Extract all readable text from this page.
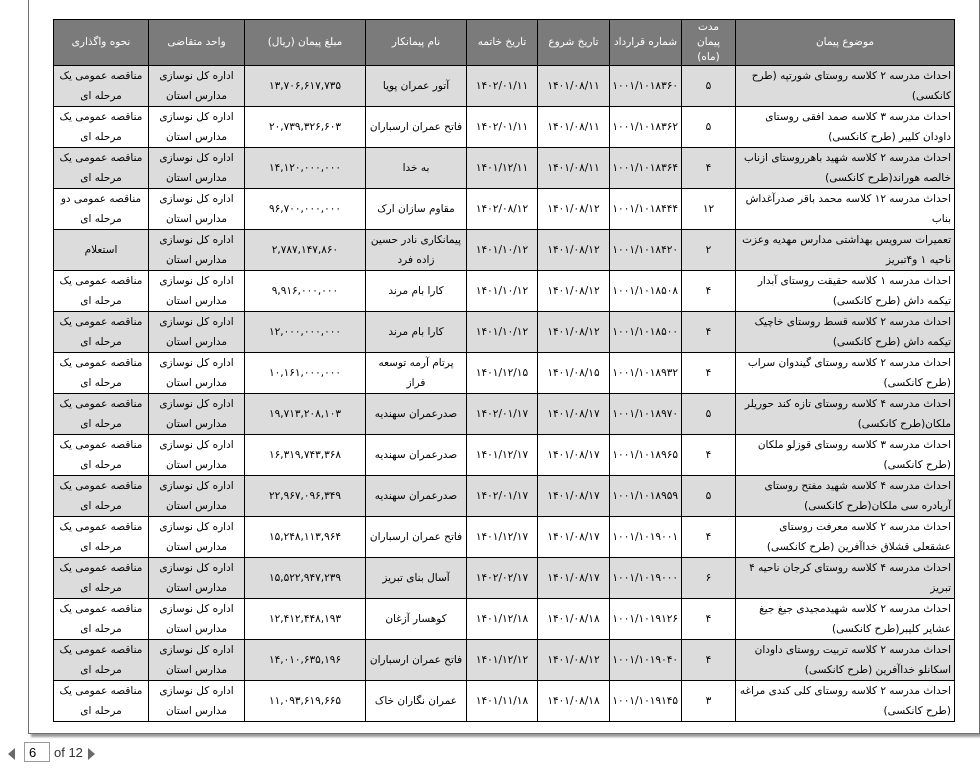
موضوع پیمان	مدت پیمان (ماه)	شماره قرارداد	تاریخ شروع	تاریخ خاتمه	نام پیمانکار	مبلغ پیمان (ریال)	واحد متقاضی	نحوه واگذاری
احداث مدرسه ۲ کلاسه روستای شورتپه (طرح کانکسی)	۵	۱۰۰۱/۱۰۱۸۳۶۰	۱۴۰۱/۰۸/۱۱	۱۴۰۲/۰۱/۱۱	آتور عمران پویا	۱۳,۷۰۶,۶۱۷,۷۳۵	اداره کل نوسازی مدارس استان	مناقصه عمومی یک مرحله ای
احداث مدرسه ۳ کلاسه صمد افقی روستای داودان کلیبر (طرح کانکسی)	۵	۱۰۰۱/۱۰۱۸۳۶۲	۱۴۰۱/۰۸/۱۱	۱۴۰۲/۰۱/۱۱	فاتح عمران ارسباران	۲۰,۷۳۹,۳۲۶,۶۰۳	اداره کل نوسازی مدارس استان	مناقصه عمومی یک مرحله ای
احداث مدرسه ۲ کلاسه شهید باهرروستای ازناب خالصه هوراند(طرح کانکسی)	۴	۱۰۰۱/۱۰۱۸۳۶۴	۱۴۰۱/۰۸/۱۱	۱۴۰۱/۱۲/۱۱	به خدا	۱۴,۱۲۰,۰۰۰,۰۰۰	اداره کل نوسازی مدارس استان	مناقصه عمومی یک مرحله ای
احداث مدرسه ۱۲ کلاسه محمد باقر صدرآغداش بناب	۱۲	۱۰۰۱/۱۰۱۸۴۴۴	۱۴۰۱/۰۸/۱۲	۱۴۰۲/۰۸/۱۲	مقاوم سازان ارک	۹۶,۷۰۰,۰۰۰,۰۰۰	اداره کل نوسازی مدارس استان	مناقصه عمومی دو مرحله ای
تعمیرات سرویس بهداشتی مدارس مهدیه وعزت ناحیه ۱ و۴تبریز	۲	۱۰۰۱/۱۰۱۸۴۲۰	۱۴۰۱/۰۸/۱۲	۱۴۰۱/۱۰/۱۲	پیمانکاری نادر حسین زاده فرد	۲,۷۸۷,۱۴۷,۸۶۰	اداره کل نوسازی مدارس استان	استعلام
احداث مدرسه ۱ کلاسه حقیقت روستای آبدار تیکمه داش (طرح کانکسی)	۴	۱۰۰۱/۱۰۱۸۵۰۸	۱۴۰۱/۰۸/۱۲	۱۴۰۱/۱۰/۱۲	کارا بام مرند	۹,۹۱۶,۰۰۰,۰۰۰	اداره کل نوسازی مدارس استان	مناقصه عمومی یک مرحله ای
احداث مدرسه ۲ کلاسه قسط روستای خاچیک تیکمه داش (طرح کانکسی)	۴	۱۰۰۱/۱۰۱۸۵۰۰	۱۴۰۱/۰۸/۱۲	۱۴۰۱/۱۰/۱۲	کارا بام مرند	۱۲,۰۰۰,۰۰۰,۰۰۰	اداره کل نوسازی مدارس استان	مناقصه عمومی یک مرحله ای
احداث مدرسه ۲ کلاسه روستای گیندوان سراب (طرح کانکسی)	۴	۱۰۰۱/۱۰۱۸۹۳۲	۱۴۰۱/۰۸/۱۵	۱۴۰۱/۱۲/۱۵	پرتام آرمه توسعه فراز	۱۰,۱۶۱,۰۰۰,۰۰۰	اداره کل نوسازی مدارس استان	مناقصه عمومی یک مرحله ای
احداث مدرسه ۴ کلاسه روستای تازه کند حوریلر ملکان(طرح کانکسی)	۵	۱۰۰۱/۱۰۱۸۹۷۰	۱۴۰۱/۰۸/۱۷	۱۴۰۲/۰۱/۱۷	صدرعمران سهندیه	۱۹,۷۱۳,۲۰۸,۱۰۳	اداره کل نوسازی مدارس استان	مناقصه عمومی یک مرحله ای
احداث مدرسه ۳ کلاسه روستای قوزلو ملکان (طرح کانکسی)	۴	۱۰۰۱/۱۰۱۸۹۶۵	۱۴۰۱/۰۸/۱۷	۱۴۰۱/۱۲/۱۷	صدرعمران سهندیه	۱۶,۳۱۹,۷۴۳,۳۶۸	اداره کل نوسازی مدارس استان	مناقصه عمومی یک مرحله ای
احداث مدرسه ۴ کلاسه شهید مفتح روستای آریادره سی ملکان(طرح کانکسی)	۵	۱۰۰۱/۱۰۱۸۹۵۹	۱۴۰۱/۰۸/۱۷	۱۴۰۲/۰۱/۱۷	صدرعمران سهندیه	۲۲,۹۶۷,۰۹۶,۳۴۹	اداره کل نوسازی مدارس استان	مناقصه عمومی یک مرحله ای
احداث مدرسه ۲ کلاسه معرفت روستای عشقعلی قشلاق خداآفرین (طرح کانکسی)	۴	۱۰۰۱/۱۰۱۹۰۰۱	۱۴۰۱/۰۸/۱۷	۱۴۰۱/۱۲/۱۷	فاتح عمران ارسباران	۱۵,۲۴۸,۱۱۳,۹۶۴	اداره کل نوسازی مدارس استان	مناقصه عمومی یک مرحله ای
احداث مدرسه ۴ کلاسه روستای کرجان ناحیه ۴ تبریز	۶	۱۰۰۱/۱۰۱۹۰۰۰	۱۴۰۱/۰۸/۱۷	۱۴۰۲/۰۲/۱۷	آسال بنای تبریز	۱۵,۵۲۲,۹۴۷,۲۳۹	اداره کل نوسازی مدارس استان	مناقصه عمومی یک مرحله ای
احداث مدرسه ۲ کلاسه شهیدمجیدی جیغ جیغ عشایر کلیبر(طرح کانکسی)	۴	۱۰۰۱/۱۰۱۹۱۲۶	۱۴۰۱/۰۸/۱۸	۱۴۰۱/۱۲/۱۸	کوهسار آزغان	۱۲,۴۱۲,۴۴۸,۱۹۳	اداره کل نوسازی مدارس استان	مناقصه عمومی یک مرحله ای
احداث مدرسه ۲ کلاسه تربیت روستای داودان اسکانلو خداآفرین (طرح کانکسی)	۴	۱۰۰۱/۱۰۱۹۰۴۰	۱۴۰۱/۰۸/۱۲	۱۴۰۱/۱۲/۱۲	فاتح عمران ارسباران	۱۴,۰۱۰,۶۳۵,۱۹۶	اداره کل نوسازی مدارس استان	مناقصه عمومی یک مرحله ای
احداث مدرسه ۲ کلاسه روستای کلی کندی مراغه (طرح کانکسی)	۳	۱۰۰۱/۱۰۱۹۱۴۵	۱۴۰۱/۰۸/۱۸	۱۴۰۱/۱۱/۱۸	عمران نگاران خاک	۱۱,۰۹۳,۶۱۹,۶۶۵	اداره کل نوسازی مدارس استان	مناقصه عمومی یک مرحله ای
6
of 12
